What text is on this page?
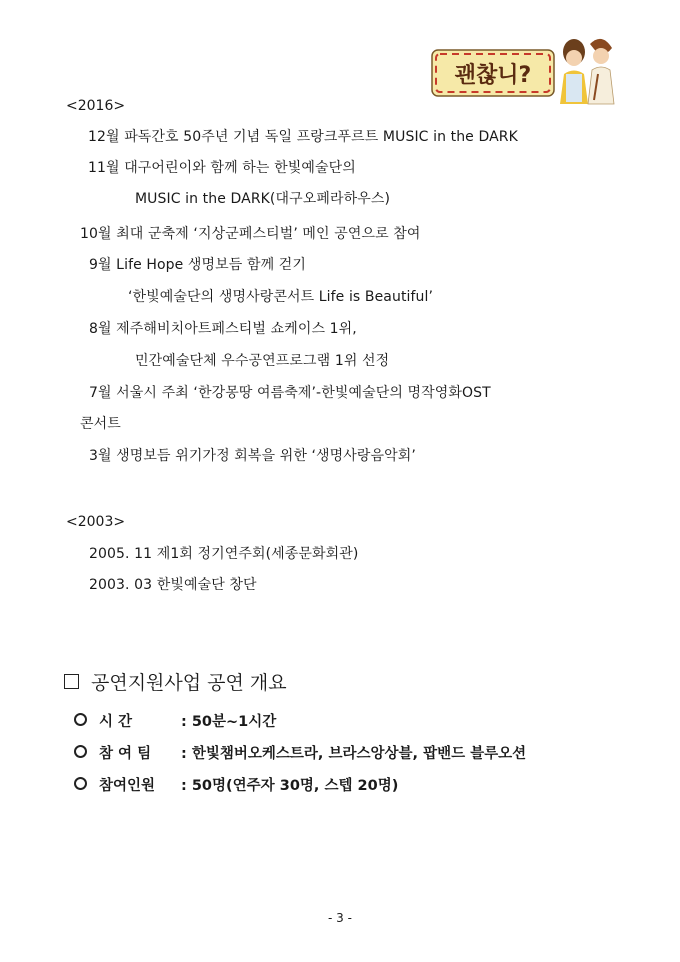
괜찮니?
<2016>
12월 파독간호 50주년 기념 독일 프랑크푸르트 MUSIC in the DARK
11월 대구어린이와 함께 하는 한빛예술단의
MUSIC in the DARK(대구오페라하우스)
10월 최대 군축제 ‘지상군페스티벌’ 메인 공연으로 참여
9월 Life Hope 생명보듬 함께 걷기
‘한빛예술단의 생명사랑콘서트 Life is Beautiful’
8월 제주해비치아트페스티벌 쇼케이스 1위,
민간예술단체 우수공연프로그램 1위 선정
7월 서울시 주최 ‘한강몽땅 여름축제’-한빛예술단의 명작영화OST
콘서트
3월 생명보듬 위기가정 회복을 위한 ‘생명사랑음악회’
<2003>
2005. 11 제1회 정기연주회(세종문화회관)
2003. 03 한빛예술단 창단
공연지원사업 공연 개요
시 간	: 50분~1시간
참 여 팀 : 한빛챔버오케스트라, 브라스앙상블, 팝밴드 블루오션
참여인원 : 50명(연주자 30명, 스텝 20명)
- 3 -
